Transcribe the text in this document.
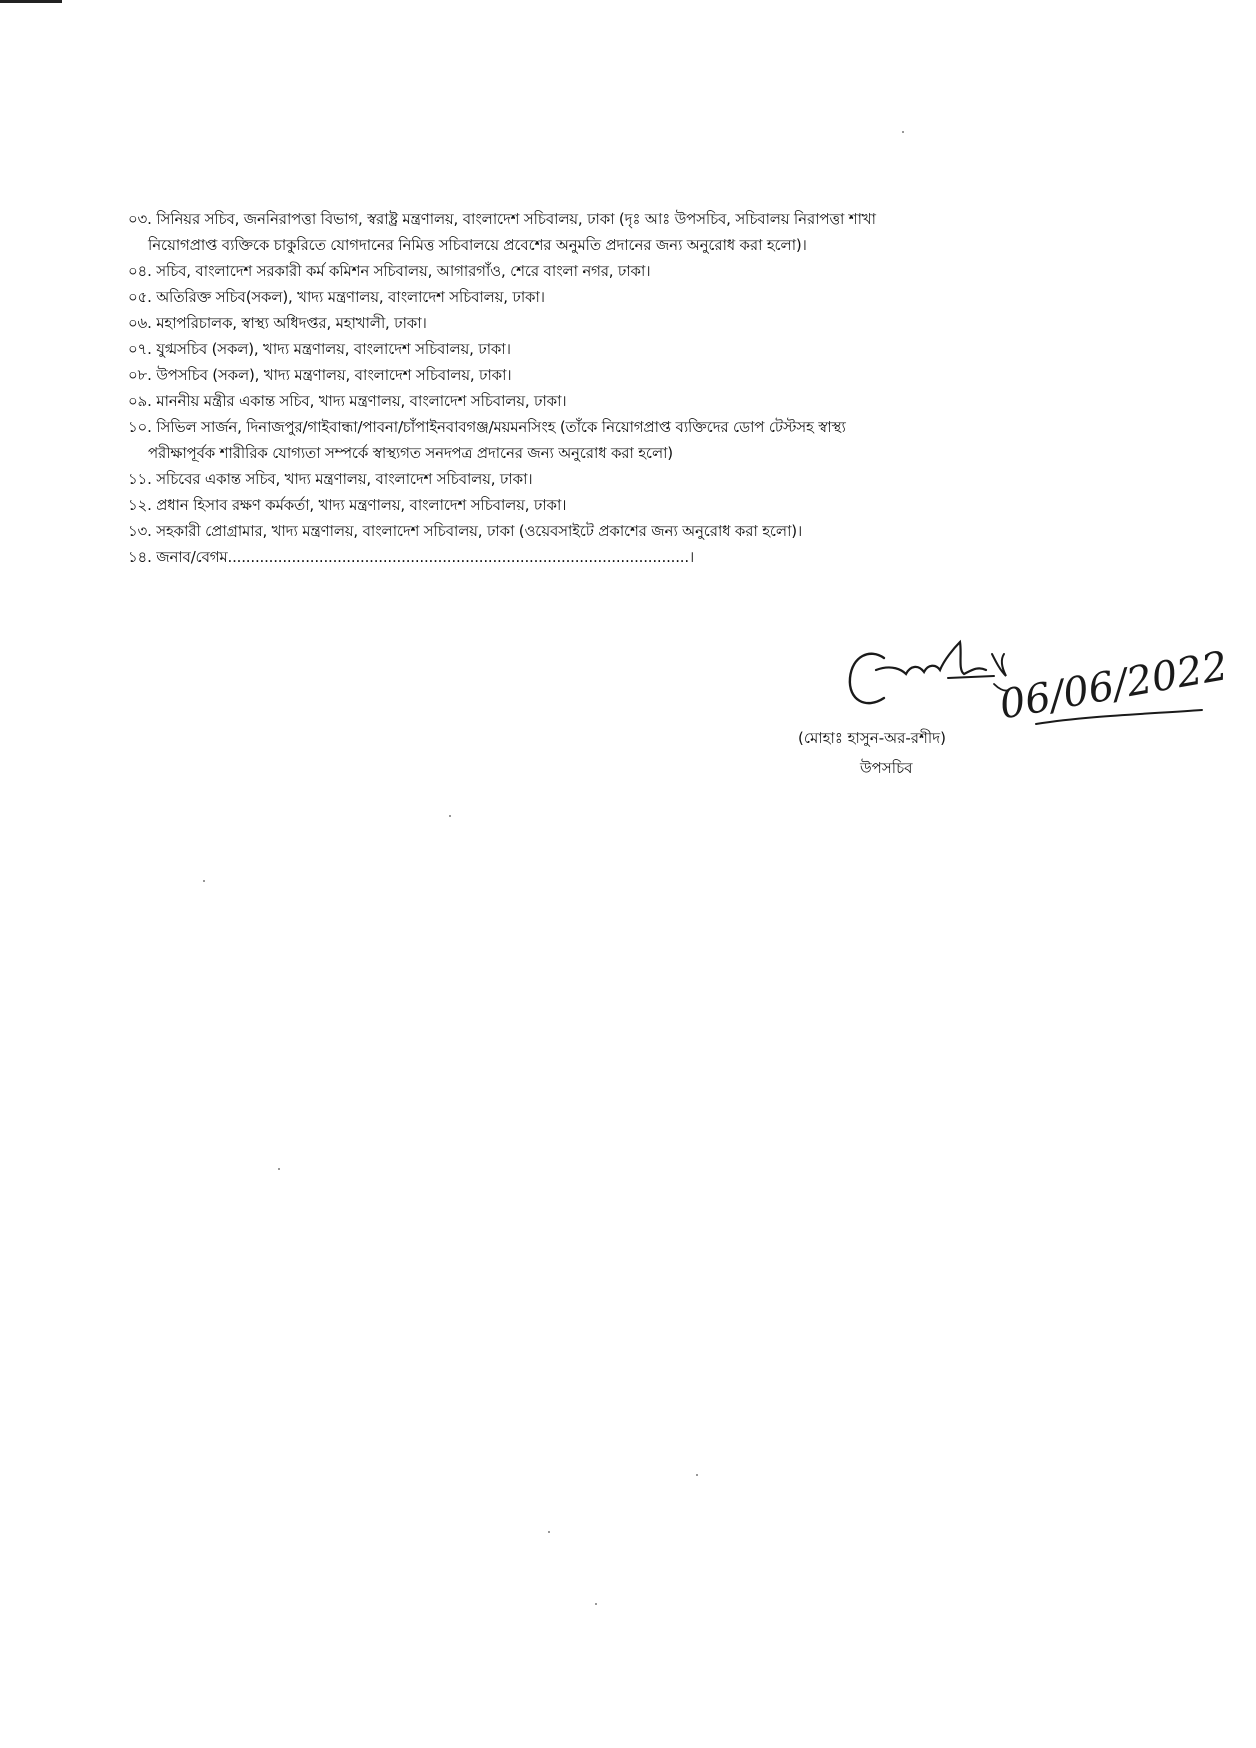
০৩. সিনিয়র সচিব, জননিরাপত্তা বিভাগ, স্বরাষ্ট্র মন্ত্রণালয়, বাংলাদেশ সচিবালয়, ঢাকা (দৃঃ আঃ উপসচিব, সচিবালয় নিরাপত্তা শাখা
নিয়োগপ্রাপ্ত ব্যক্তিকে চাকুরিতে যোগদানের নিমিত্ত সচিবালয়ে প্রবেশের অনুমতি প্রদানের জন্য অনুরোধ করা হলো)।
০৪. সচিব, বাংলাদেশ সরকারী কর্ম কমিশন সচিবালয়, আগারগাঁও, শেরে বাংলা নগর, ঢাকা।
০৫. অতিরিক্ত সচিব(সকল), খাদ্য মন্ত্রণালয়, বাংলাদেশ সচিবালয়, ঢাকা।
০৬. মহাপরিচালক, স্বাস্থ্য অধিদপ্তর, মহাখালী, ঢাকা।
০৭. যুগ্মসচিব (সকল), খাদ্য মন্ত্রণালয়, বাংলাদেশ সচিবালয়, ঢাকা।
০৮. উপসচিব (সকল), খাদ্য মন্ত্রণালয়, বাংলাদেশ সচিবালয়, ঢাকা।
০৯. মাননীয় মন্ত্রীর একান্ত সচিব, খাদ্য মন্ত্রণালয়, বাংলাদেশ সচিবালয়, ঢাকা।
১০. সিভিল সার্জন, দিনাজপুর/গাইবান্ধা/পাবনা/চাঁপাইনবাবগঞ্জ/ময়মনসিংহ (তাঁকে নিয়োগপ্রাপ্ত ব্যক্তিদের ডোপ টেস্টসহ স্বাস্থ্য
পরীক্ষাপূর্বক শারীরিক যোগ্যতা সম্পর্কে স্বাস্থ্যগত সনদপত্র প্রদানের জন্য অনুরোধ করা হলো)
১১. সচিবের একান্ত সচিব, খাদ্য মন্ত্রণালয়, বাংলাদেশ সচিবালয়, ঢাকা।
১২. প্রধান হিসাব রক্ষণ কর্মকর্তা, খাদ্য মন্ত্রণালয়, বাংলাদেশ সচিবালয়, ঢাকা।
১৩. সহকারী প্রোগ্রামার, খাদ্য মন্ত্রণালয়, বাংলাদেশ সচিবালয়, ঢাকা (ওয়েবসাইটে প্রকাশের জন্য অনুরোধ করা হলো)।
১৪. জনাব/বেগম.....................................................................................................।
06/06/2022
(মোহাঃ হাসুন-অর-রশীদ)
উপসচিব
